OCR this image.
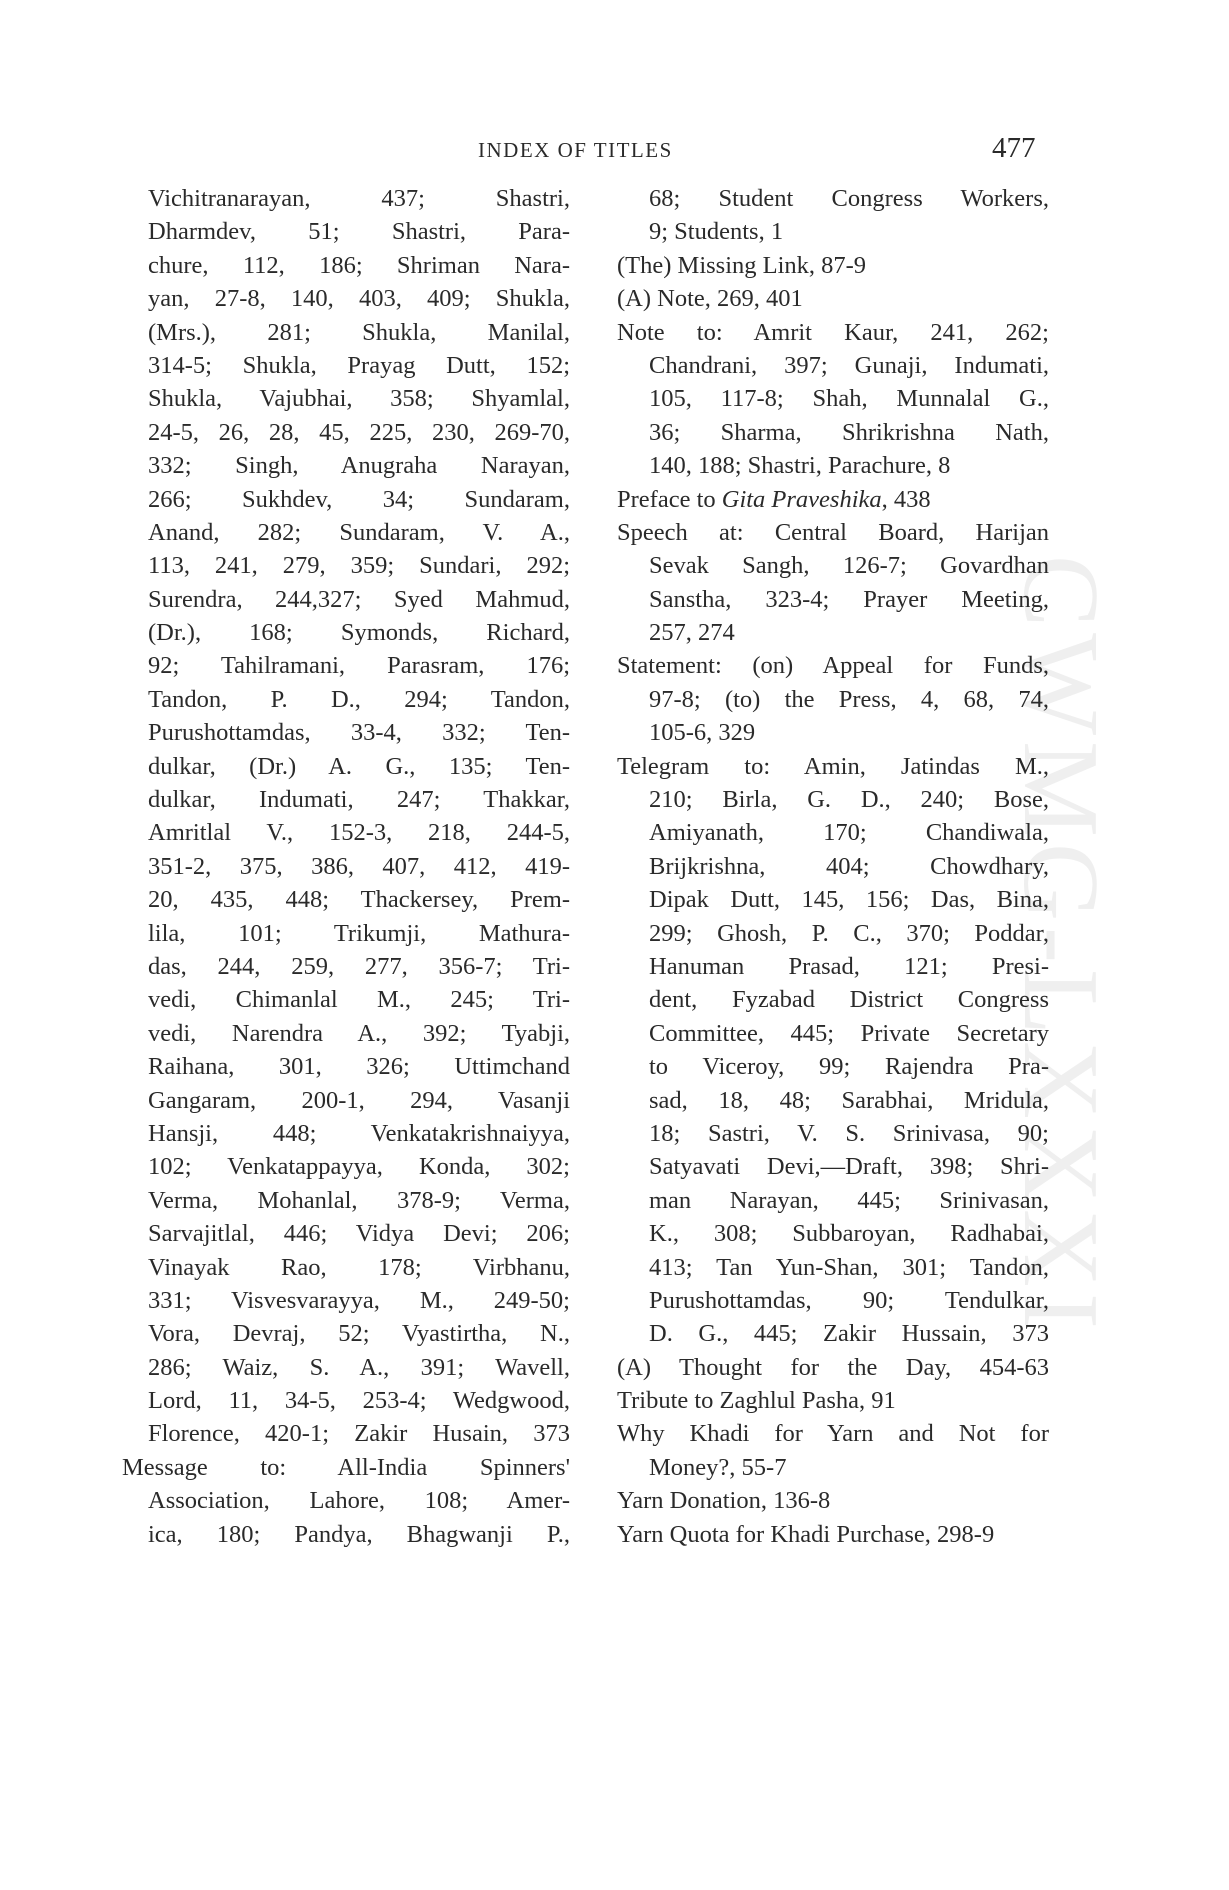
INDEX OF TITLES	477
CWMG-LXXXI
Vichitranarayan, 437; Shastri,
Dharmdev, 51; Shastri, Para-
chure, 112, 186; Shriman Nara-
yan, 27-8, 140, 403, 409; Shukla,
(Mrs.), 281; Shukla, Manilal,
314-5; Shukla, Prayag Dutt, 152;
Shukla, Vajubhai, 358; Shyamlal,
24-5, 26, 28, 45, 225, 230, 269-70,
332; Singh, Anugraha Narayan,
266; Sukhdev, 34; Sundaram,
Anand, 282; Sundaram, V. A.,
113, 241, 279, 359; Sundari, 292;
Surendra, 244,327; Syed Mahmud,
(Dr.), 168; Symonds, Richard,
92; Tahilramani, Parasram, 176;
Tandon, P. D., 294; Tandon,
Purushottamdas, 33-4, 332; Ten-
dulkar, (Dr.) A. G., 135; Ten-
dulkar, Indumati, 247; Thakkar,
Amritlal V., 152-3, 218, 244-5,
351-2, 375, 386, 407, 412, 419-
20, 435, 448; Thackersey, Prem-
lila, 101; Trikumji, Mathura-
das, 244, 259, 277, 356-7; Tri-
vedi, Chimanlal M., 245; Tri-
vedi, Narendra A., 392; Tyabji,
Raihana, 301, 326; Uttimchand
Gangaram, 200-1, 294, Vasanji
Hansji, 448; Venkatakrishnaiyya,
102; Venkatappayya, Konda, 302;
Verma, Mohanlal, 378-9; Verma,
Sarvajitlal, 446; Vidya Devi; 206;
Vinayak Rao, 178; Virbhanu,
331; Visvesvarayya, M., 249-50;
Vora, Devraj, 52; Vyastirtha, N.,
286; Waiz, S. A., 391; Wavell,
Lord, 11, 34-5, 253-4; Wedgwood,
Florence, 420-1; Zakir Husain, 373
Message to: All-India Spinners'
Association, Lahore, 108; Amer-
ica, 180; Pandya, Bhagwanji P.,
68; Student Congress Workers,
9; Students, 1
(The) Missing Link, 87-9
(A) Note, 269, 401
Note to: Amrit Kaur, 241, 262;
Chandrani, 397; Gunaji, Indumati,
105, 117-8; Shah, Munnalal G.,
36; Sharma, Shrikrishna Nath,
140, 188; Shastri, Parachure, 8
Preface to Gita Praveshika, 438
Speech at: Central Board, Harijan
Sevak Sangh, 126-7; Govardhan
Sanstha, 323-4; Prayer Meeting,
257, 274
Statement: (on) Appeal for Funds,
97-8; (to) the Press, 4, 68, 74,
105-6, 329
Telegram to: Amin, Jatindas M.,
210; Birla, G. D., 240; Bose,
Amiyanath, 170; Chandiwala,
Brijkrishna, 404; Chowdhary,
Dipak Dutt, 145, 156; Das, Bina,
299; Ghosh, P. C., 370; Poddar,
Hanuman Prasad, 121; Presi-
dent, Fyzabad District Congress
Committee, 445; Private Secretary
to Viceroy, 99; Rajendra Pra-
sad, 18, 48; Sarabhai, Mridula,
18; Sastri, V. S. Srinivasa, 90;
Satyavati Devi,—Draft, 398; Shri-
man Narayan, 445; Srinivasan,
K., 308; Subbaroyan, Radhabai,
413; Tan Yun-Shan, 301; Tandon,
Purushottamdas, 90; Tendulkar,
D. G., 445; Zakir Hussain, 373
(A) Thought for the Day, 454-63
Tribute to Zaghlul Pasha, 91
Why Khadi for Yarn and Not for
Money?, 55-7
Yarn Donation, 136-8
Yarn Quota for Khadi Purchase, 298-9
